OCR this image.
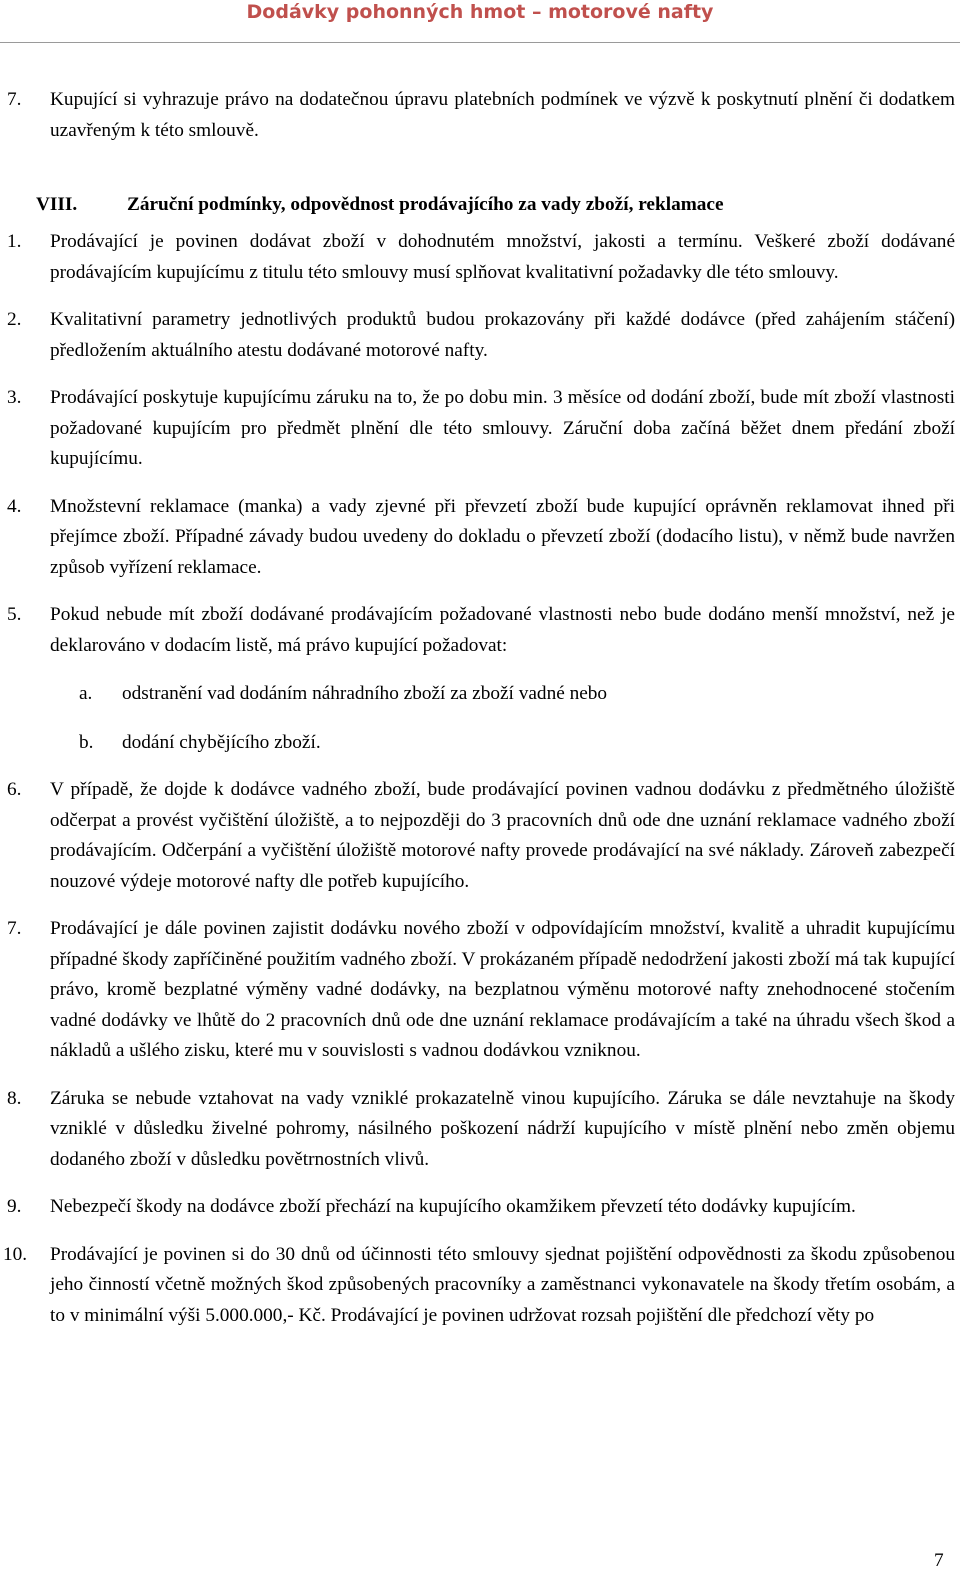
Dodávky pohonných hmot – motorové nafty
7. Kupující si vyhrazuje právo na dodatečnou úpravu platebních podmínek ve výzvě k poskytnutí plnění či dodatkem uzavřeným k této smlouvě.
VIII.	Záruční podmínky, odpovědnost prodávajícího za vady zboží, reklamace
1. Prodávající je povinen dodávat zboží v dohodnutém množství, jakosti a termínu. Veškeré zboží dodávané prodávajícím kupujícímu z titulu této smlouvy musí splňovat kvalitativní požadavky dle této smlouvy.
2. Kvalitativní parametry jednotlivých produktů budou prokazovány při každé dodávce (před zahájením stáčení) předložením aktuálního atestu dodávané motorové nafty.
3. Prodávající poskytuje kupujícímu záruku na to, že po dobu min. 3 měsíce od dodání zboží, bude mít zboží vlastnosti požadované kupujícím pro předmět plnění dle této smlouvy. Záruční doba začíná běžet dnem předání zboží kupujícímu.
4. Množstevní reklamace (manka) a vady zjevné při převzetí zboží bude kupující oprávněn reklamovat ihned při přejímce zboží. Případné závady budou uvedeny do dokladu o převzetí zboží (dodacího listu), v němž bude navržen způsob vyřízení reklamace.
5. Pokud nebude mít zboží dodávané prodávajícím požadované vlastnosti nebo bude dodáno menší množství, než je deklarováno v dodacím listě, má právo kupující požadovat:
a. odstranění vad dodáním náhradního zboží za zboží vadné nebo
b. dodání chybějícího zboží.
6. V případě, že dojde k dodávce vadného zboží, bude prodávající povinen vadnou dodávku z předmětného úložiště odčerpat a provést vyčištění úložiště, a to nejpozději do 3 pracovních dnů ode dne uznání reklamace vadného zboží prodávajícím. Odčerpání a vyčištění úložiště motorové nafty provede prodávající na své náklady. Zároveň zabezpečí nouzové výdeje motorové nafty dle potřeb kupujícího.
7. Prodávající je dále povinen zajistit dodávku nového zboží v odpovídajícím množství, kvalitě a uhradit kupujícímu případné škody zapříčiněné použitím vadného zboží. V prokázaném případě nedodržení jakosti zboží má tak kupující právo, kromě bezplatné výměny vadné dodávky, na bezplatnou výměnu motorové nafty znehodnocené stočením vadné dodávky ve lhůtě do 2 pracovních dnů ode dne uznání reklamace prodávajícím a také na úhradu všech škod a nákladů a ušlého zisku, které mu v souvislosti s vadnou dodávkou vzniknou.
8. Záruka se nebude vztahovat na vady vzniklé prokazatelně vinou kupujícího. Záruka se dále nevztahuje na škody vzniklé v důsledku živelné pohromy, násilného poškození nádrží kupujícího v místě plnění nebo změn objemu dodaného zboží v důsledku povětrnostních vlivů.
9. Nebezpečí škody na dodávce zboží přechází na kupujícího okamžikem převzetí této dodávky kupujícím.
10. Prodávající je povinen si do 30 dnů od účinnosti této smlouvy sjednat pojištění odpovědnosti za škodu způsobenou jeho činností včetně možných škod způsobených pracovníky a zaměstnanci vykonavatele na škody třetím osobám, a to v minimální výši 5.000.000,- Kč. Prodávající je povinen udržovat rozsah pojištění dle předchozí věty po
7
